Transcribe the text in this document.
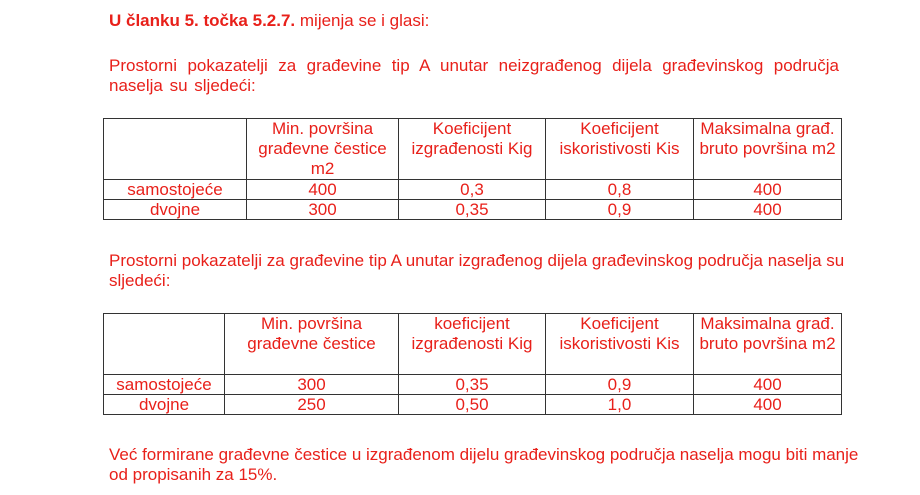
U članku 5. točka 5.2.7. mijenja se i glasi:

Prostorni pokazatelji za građevine tip A unutar neizgrađenog dijela građevinskog područja naselja su sljedeći:

	Min. površina građevne čestice m2	Koeficijent izgrađenosti Kig	Koeficijent iskoristivosti Kis	Maksimalna građ. bruto površina m2
samostojeće	400	0,3	0,8	400
dvojne	300	0,35	0,9	400

Prostorni pokazatelji za građevine tip A unutar izgrađenog dijela građevinskog područja naselja su sljedeći:

	Min. površina građevne čestice	koeficijent izgrađenosti Kig	Koeficijent iskoristivosti Kis	Maksimalna građ. bruto površina m2
samostojeće	300	0,35	0,9	400
dvojne	250	0,50	1,0	400

Već formirane građevne čestice u izgrađenom dijelu građevinskog područja naselja mogu biti manje od propisanih za 15%.
